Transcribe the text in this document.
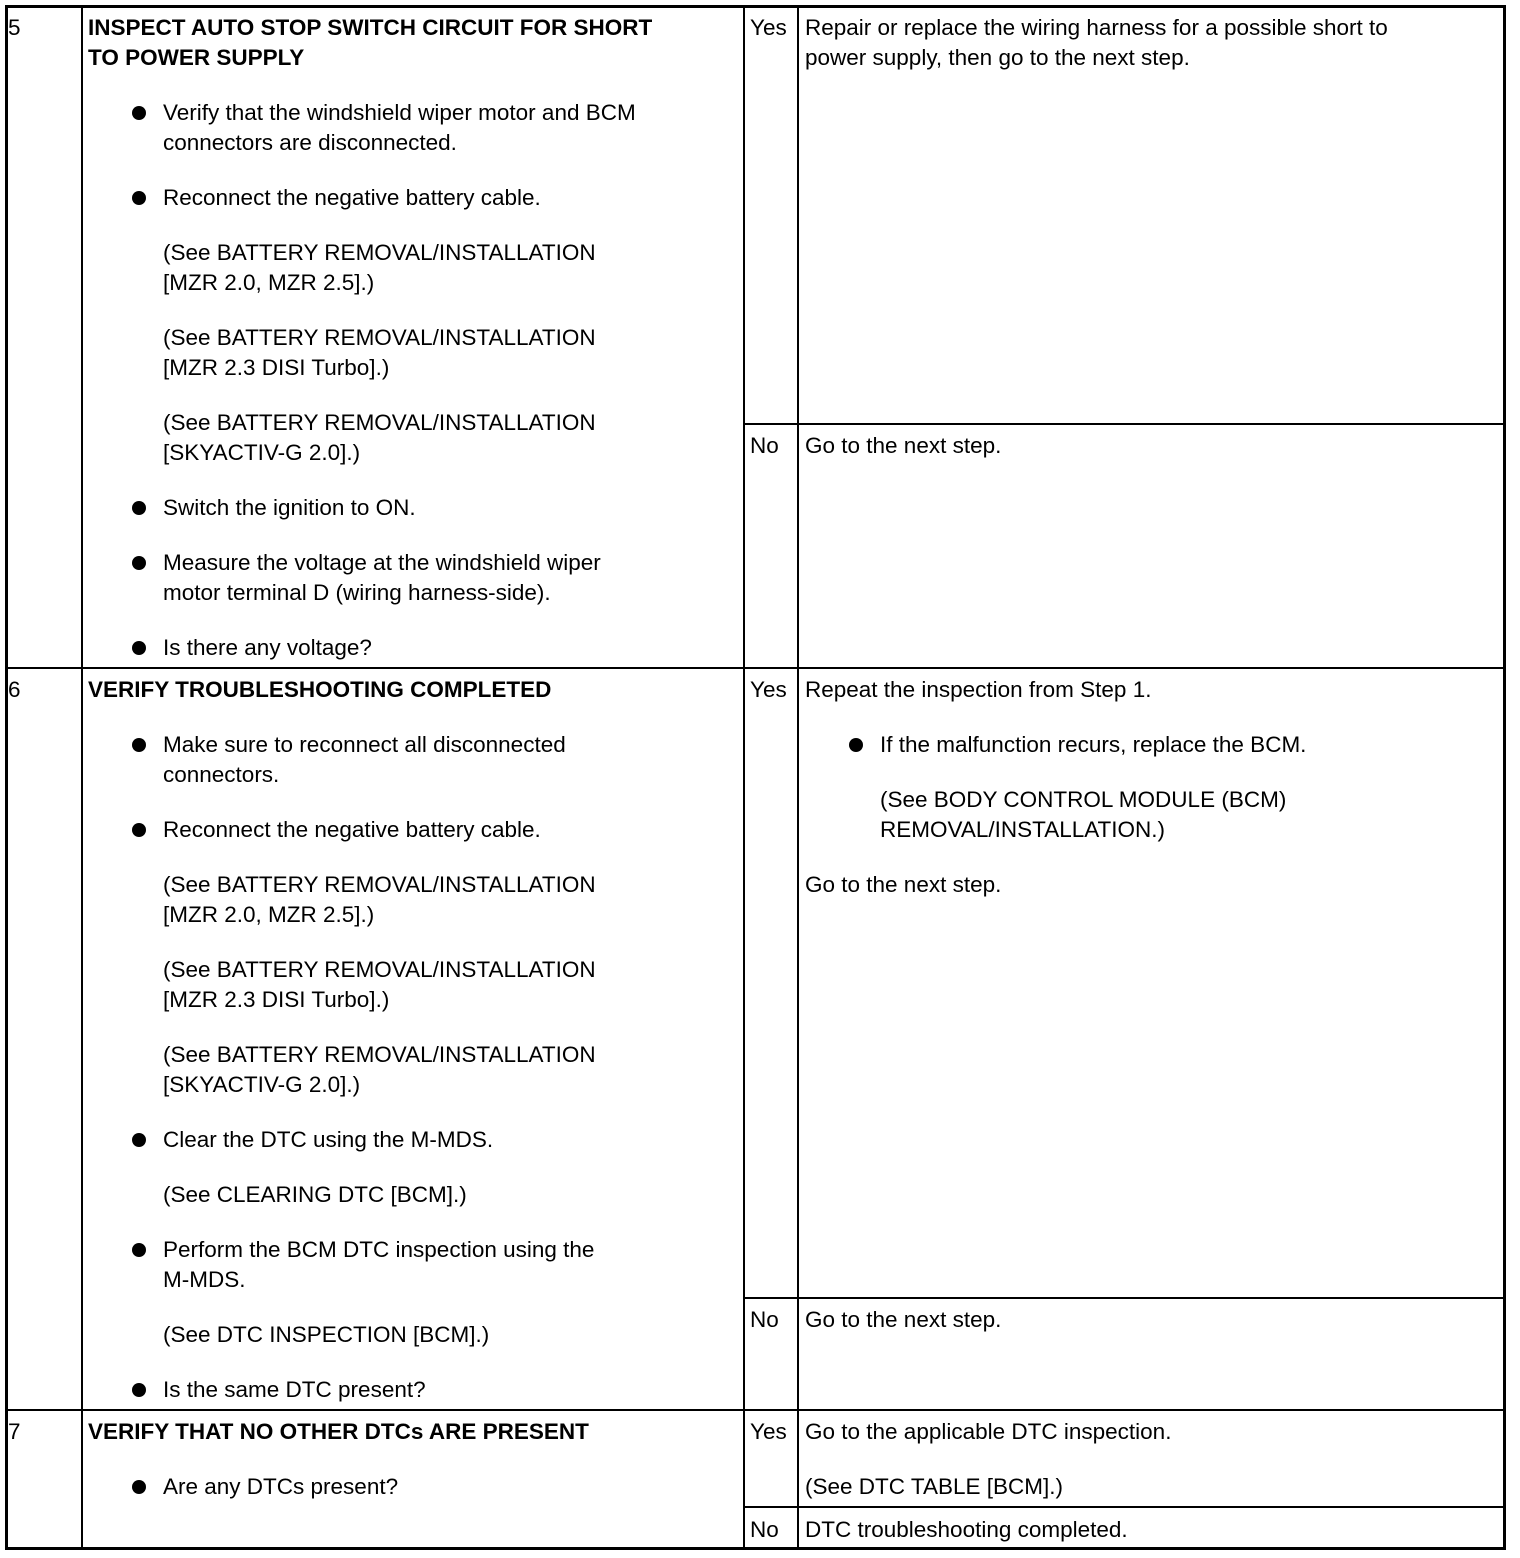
5	INSPECT AUTO STOP SWITCH CIRCUIT FOR SHORT
TO POWER SUPPLY
Verify that the windshield wiper motor and BCM
connectors are disconnected.
Reconnect the negative battery cable.
(See BATTERY REMOVAL/INSTALLATION
[MZR 2.0, MZR 2.5].)
(See BATTERY REMOVAL/INSTALLATION
[MZR 2.3 DISI Turbo].)
(See BATTERY REMOVAL/INSTALLATION
[SKYACTIV-G 2.0].)
Switch the ignition to ON.
Measure the voltage at the windshield wiper
motor terminal D (wiring harness-side).
Is there any voltage?
Yes Repair or replace the wiring harness for a possible short to
power supply, then go to the next step.
No Go to the next step.
6	VERIFY TROUBLESHOOTING COMPLETED
Make sure to reconnect all disconnected
connectors.
Reconnect the negative battery cable.
(See BATTERY REMOVAL/INSTALLATION
[MZR 2.0, MZR 2.5].)
(See BATTERY REMOVAL/INSTALLATION
[MZR 2.3 DISI Turbo].)
(See BATTERY REMOVAL/INSTALLATION
[SKYACTIV-G 2.0].)
Clear the DTC using the M-MDS.
(See CLEARING DTC [BCM].)
Perform the BCM DTC inspection using the
M-MDS.
(See DTC INSPECTION [BCM].)
Is the same DTC present?
Yes Repeat the inspection from Step 1.
If the malfunction recurs, replace the BCM.
(See BODY CONTROL MODULE (BCM)
REMOVAL/INSTALLATION.)
Go to the next step.
No Go to the next step.
7	VERIFY THAT NO OTHER DTCs ARE PRESENT
Are any DTCs present?
Yes Go to the applicable DTC inspection.
(See DTC TABLE [BCM].)
No DTC troubleshooting completed.
